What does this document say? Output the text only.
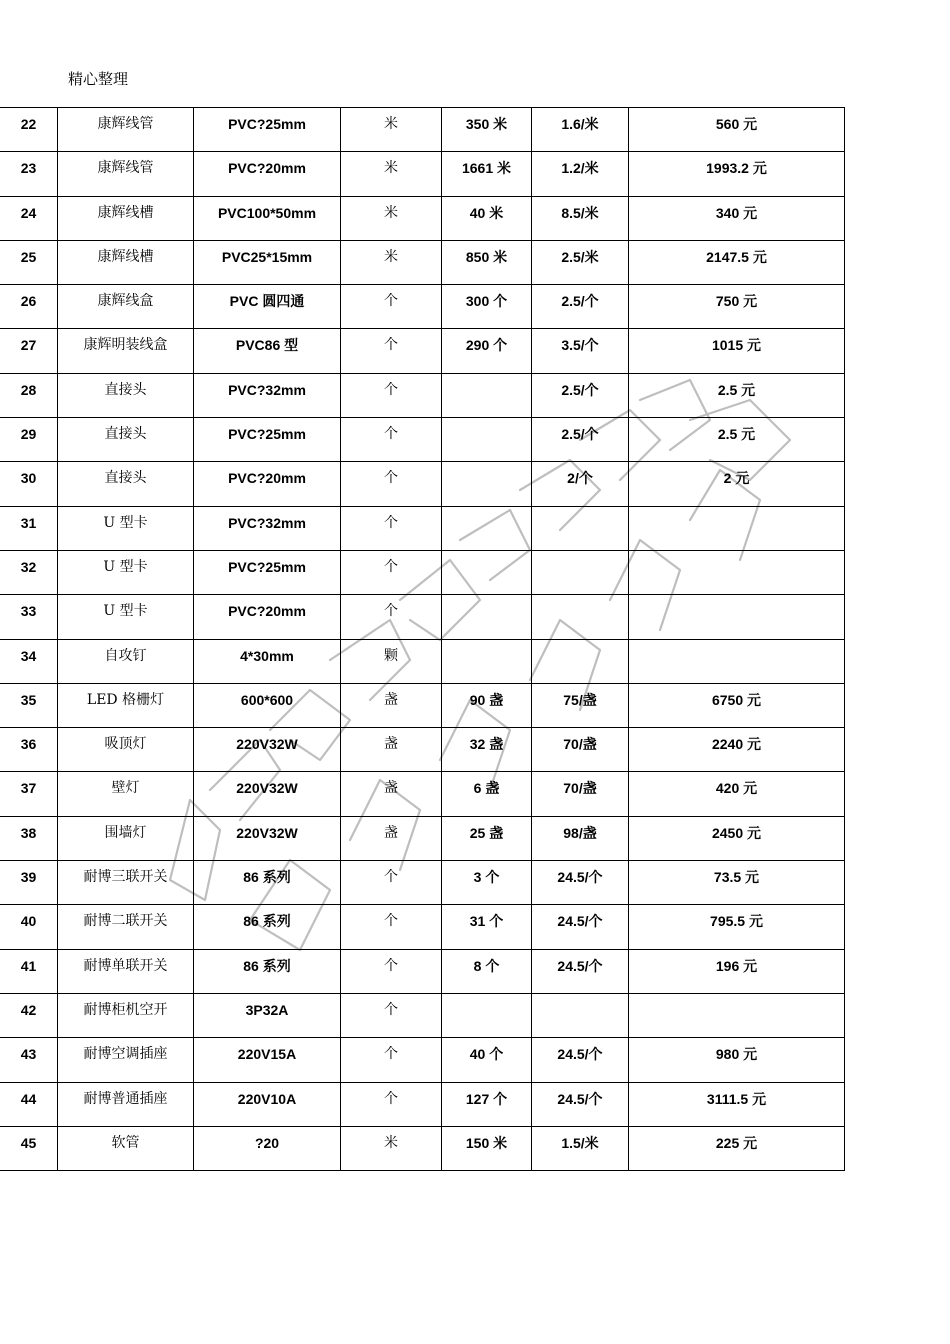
精心整理
22	康辉线管	PVC?25mm	米	350 米	1.6/米	560 元
23	康辉线管	PVC?20mm	米	1661 米	1.2/米	1993.2 元
24	康辉线槽	PVC100*50mm	米	40 米	8.5/米	340 元
25	康辉线槽	PVC25*15mm	米	850 米	2.5/米	2147.5 元
26	康辉线盒	PVC 圆四通	个	300 个	2.5/个	750 元
27	康辉明装线盒	PVC86 型	个	290 个	3.5/个	1015 元
28	直接头	PVC?32mm	个		2.5/个	2.5 元
29	直接头	PVC?25mm	个		2.5/个	2.5 元
30	直接头	PVC?20mm	个		2/个	2 元
31	U 型卡	PVC?32mm	个			
32	U 型卡	PVC?25mm	个			
33	U 型卡	PVC?20mm	个			
34	自攻钉	4*30mm	颗			
35	LED 格栅灯	600*600	盏	90 盏	75/盏	6750 元
36	吸顶灯	220V32W	盏	32 盏	70/盏	2240 元
37	壁灯	220V32W	盏	6 盏	70/盏	420 元
38	围墙灯	220V32W	盏	25 盏	98/盏	2450 元
39	耐博三联开关	86 系列	个	3 个	24.5/个	73.5 元
40	耐博二联开关	86 系列	个	31 个	24.5/个	795.5 元
41	耐博单联开关	86 系列	个	8 个	24.5/个	196 元
42	耐博柜机空开	3P32A	个			
43	耐博空调插座	220V15A	个	40 个	24.5/个	980 元
44	耐博普通插座	220V10A	个	127 个	24.5/个	3111.5 元
45	软管	?20	米	150 米	1.5/米	225 元
